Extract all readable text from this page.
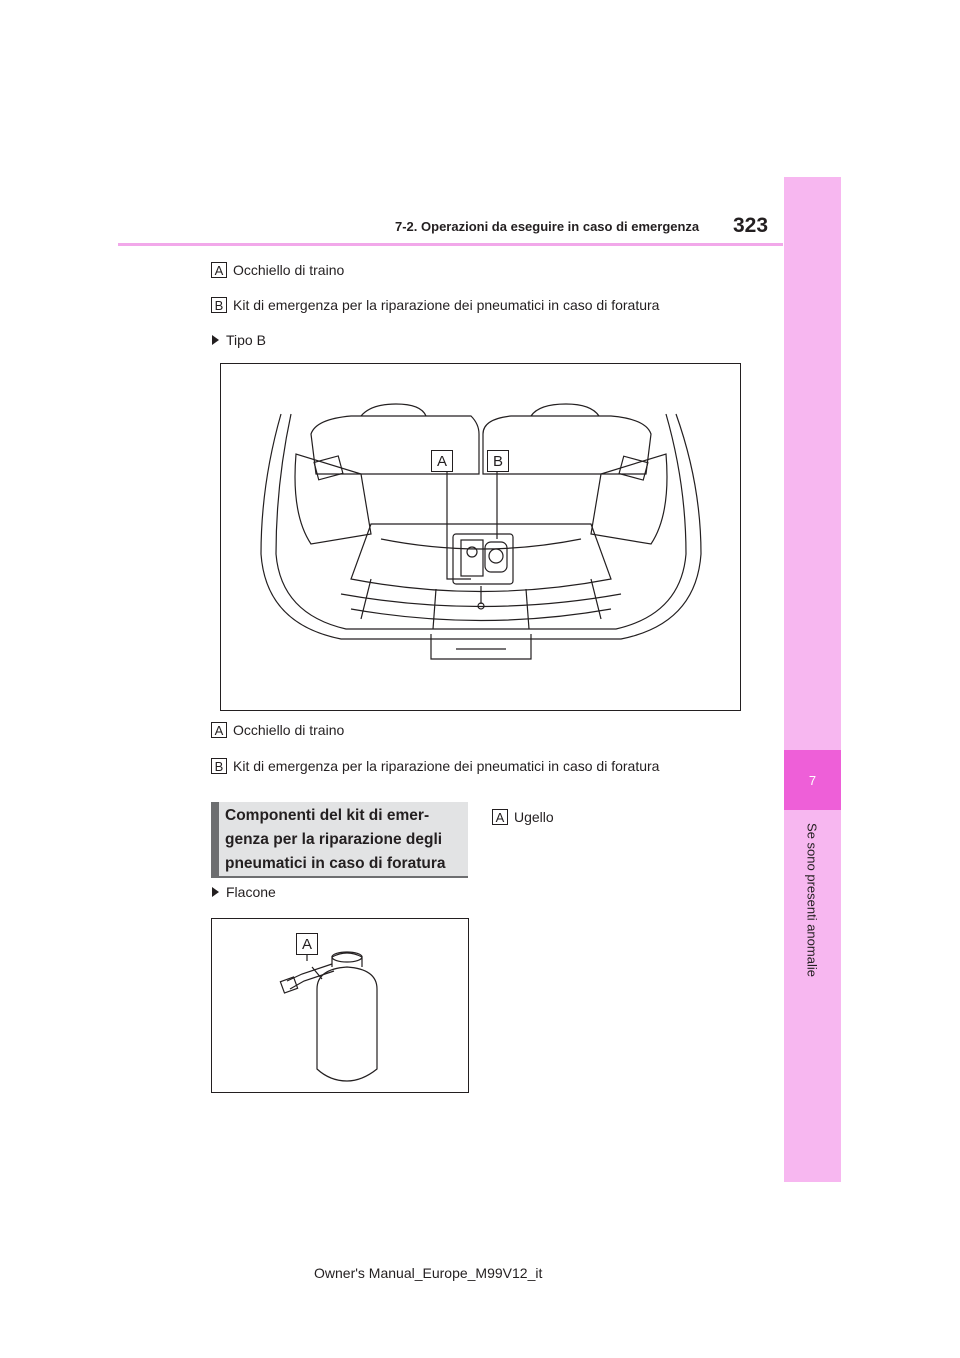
7
Se sono presenti anomalie
7-2. Operazioni da eseguire in caso di emergenza 323
A Occhiello di traino
B Kit di emergenza per la riparazione dei pneumatici in caso di foratura
Tipo B
A	B
A Occhiello di traino
B Kit di emergenza per la riparazione dei pneumatici in caso di foratura
Componenti del kit di emer-
genza per la riparazione degli
pneumatici in caso di foratura
A Ugello
Flacone
A
Owner's Manual_Europe_M99V12_it
